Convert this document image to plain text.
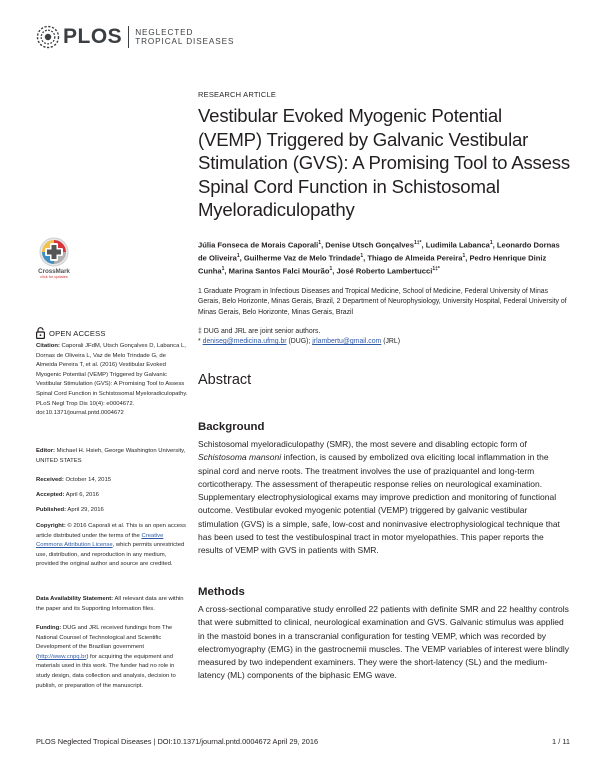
PLOS NEGLECTED
TROPICAL DISEASES
RESEARCH ARTICLE
Vestibular Evoked Myogenic Potential (VEMP) Triggered by Galvanic Vestibular Stimulation (GVS): A Promising Tool to Assess Spinal Cord Function in Schistosomal Myeloradiculopathy
Júlia Fonseca de Morais Caporali$^1$, Denise Utsch Gonçalves$^{1\ddagger*}$, Ludimila Labanca$^1$, Leonardo Dornas de Oliveira$^1$, Guilherme Vaz de Melo Trindade$^1$, Thiago de Almeida Pereira$^1$, Pedro Henrique Diniz Cunha$^1$, Marina Santos Falci Mourão$^1$, José Roberto Lambertucci$^{1\ddagger*}$
1 Graduate Program in Infectious Diseases and Tropical Medicine, School of Medicine, Federal University of Minas Gerais, Belo Horizonte, Minas Gerais, Brazil, 2 Department of Neurophysiology, University Hospital, Federal University of Minas Gerais, Belo Horizonte, Minas Gerais, Brazil
‡ DUG and JRL are joint senior authors.
* deniseg@medicina.ufmg.br (DUG); jrlambertu@gmail.com (JRL)
Abstract
Background
Schistosomal myeloradiculopathy (SMR), the most severe and disabling ectopic form of Schistosoma mansoni infection, is caused by embolized ova eliciting local inflammation in the spinal cord and nerve roots. The treatment involves the use of praziquantel and long-term corticotherapy. The assessment of therapeutic response relies on neurological examination. Supplementary electrophysiological exams may improve prediction and monitoring of functional outcome. Vestibular evoked myogenic potential (VEMP) triggered by galvanic vestibular stimulation (GVS) is a simple, safe, low-cost and noninvasive electrophysiological technique that has been used to test the vestibulospinal tract in motor myelopathies. This paper reports the results of VEMP with GVS in patients with SMR.
Methods
A cross-sectional comparative study enrolled 22 patients with definite SMR and 22 healthy controls that were submitted to clinical, neurological examination and GVS. Galvanic stimulus was applied in the mastoid bones in a transcranial configuration for testing VEMP, which was recorded by electromyography (EMG) in the gastrocnemii muscles. The VEMP variables of interest were blindly measured by two independent examiners. They were the short-latency (SL) and the medium-latency (ML) components of the biphasic EMG wave.
CrossMark
click for updates
OPEN ACCESS
Citation: Caporali JFdM, Utsch Gonçalves D, Labanca L, Dornas de Oliveira L, Vaz de Melo Trindade G, de Almeida Pereira T, et al. (2016) Vestibular Evoked Myogenic Potential (VEMP) Triggered by Galvanic Vestibular Stimulation (GVS): A Promising Tool to Assess Spinal Cord Function in Schistosomal Myeloradiculopathy. PLoS Negl Trop Dis 10(4): e0004672. doi:10.1371/journal.pntd.0004672
Editor: Michael H. Hsieh, George Washington University, UNITED STATES
Received: October 14, 2015
Accepted: April 6, 2016
Published: April 29, 2016
Copyright: © 2016 Caporali et al. This is an open access article distributed under the terms of the Creative Commons Attribution License, which permits unrestricted use, distribution, and reproduction in any medium, provided the original author and source are credited.
Data Availability Statement: All relevant data are within the paper and its Supporting Information files.
Funding: DUG and JRL received fundings from The National Counsel of Technological and Scientific Development of the Brazilian government (http://www.cnpq.br) for acquiring the equipment and materials used in this work. The funder had no role in study design, data collection and analysis, decision to publish, or preparation of the manuscript.
PLOS Neglected Tropical Diseases | DOI:10.1371/journal.pntd.0004672 April 29, 2016	1 / 11
